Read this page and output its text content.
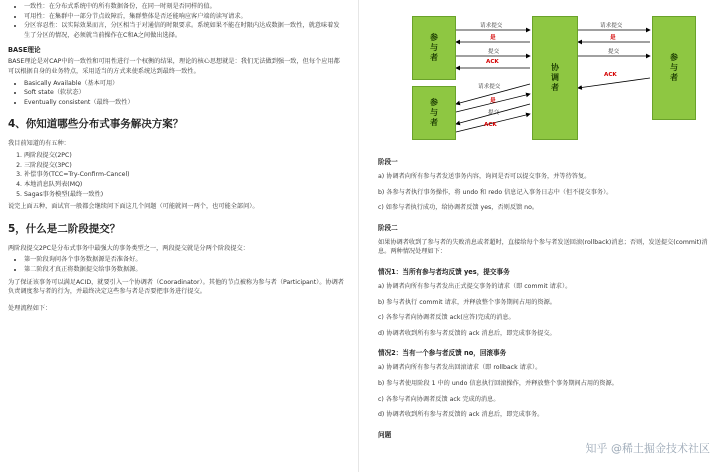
• 一致性：在分布式系统中的所有数据备份，在同一时刻是否同样的值。
• 可用性：在集群中一部分节点故障后，集群整体是否还能响应客户端的读写请求。
• 分区容忍性：以实际效果而言，分区相当于对通信的时限要求。系统如果不能在时限内达成数据一致性，就意味着发生了分区的情况，必须就当前操作在C和A之间做出选择。
BASE理论

BASE理论是对CAP中的一致性和可用性进行一个权衡的结果，理论的核心思想就是：我们无法做到强一致，但每个应用都可以根据自身的业务特点，采用适当的方式来使系统达到最终一致性。

• Basically Available（基本可用）
• Soft state（软状态）
• Eventually consistent（最终一致性）
4、你知道哪些分布式事务解决方案？

我目前知道的有五种：

1. 两阶段提交(2PC)
2. 三阶段提交(3PC)
3. 补偿事务(TCC=Try-Confirm-Cancel)
4. 本地消息队列表(MQ)
5. Sagas事务模型(最终一致性)

说完上面五种，面试官一般都会继续问下面这几个问题（可能就问一两个，也可能全部问）。

5，什么是二阶段提交？

两阶段提交2PC是分布式事务中最强大的事务类型之一，两段提交就是分两个阶段提交：

• 第一阶段询问各个事务数据源是否准备好。
• 第二阶段才真正将数据提交给事务数据源。

为了保证该事务可以满足ACID，就要引入一个协调者（Cooradinator）。其他的节点被称为参与者（Participant）。协调者负责调度参与者的行为，并最终决定这些参与者是否要把事务进行提交。

处理流程如下：

参与者
参与者
协调者	参与者
请求提交
是
提交
ACK
请求提交
是
提交
ACK
请求提交
是
提交
ACK
阶段一

a) 协调者向所有参与者发送事务内容，询问是否可以提交事务，并等待答复。

b) 各参与者执行事务操作，将 undo 和 redo 信息记入事务日志中（但不提交事务）。

c) 如参与者执行成功，给协调者反馈 yes，否则反馈 no。

阶段二

如果协调者收到了参与者的失败消息或者超时，直接给每个参与者发送回滚(rollback)消息；否则，发送提交(commit)消息。两种情况处理如下：

情况1：当所有参与者均反馈 yes，提交事务

a) 协调者向所有参与者发出正式提交事务的请求（即 commit 请求）。

b) 参与者执行 commit 请求，并释放整个事务期间占用的资源。

c) 各参与者向协调者反馈 ack(应答)完成的消息。

d) 协调者收到所有参与者反馈的 ack 消息后，即完成事务提交。

情况2：当有一个参与者反馈 no，回滚事务

a) 协调者向所有参与者发出回滚请求（即 rollback 请求）。

b) 参与者使用阶段 1 中的 undo 信息执行回滚操作，并释放整个事务期间占用的资源。

c) 各参与者向协调者反馈 ack 完成的消息。

d) 协调者收到所有参与者反馈的 ack 消息后，即完成事务。

问题
知乎 @稀土掘金技术社区
